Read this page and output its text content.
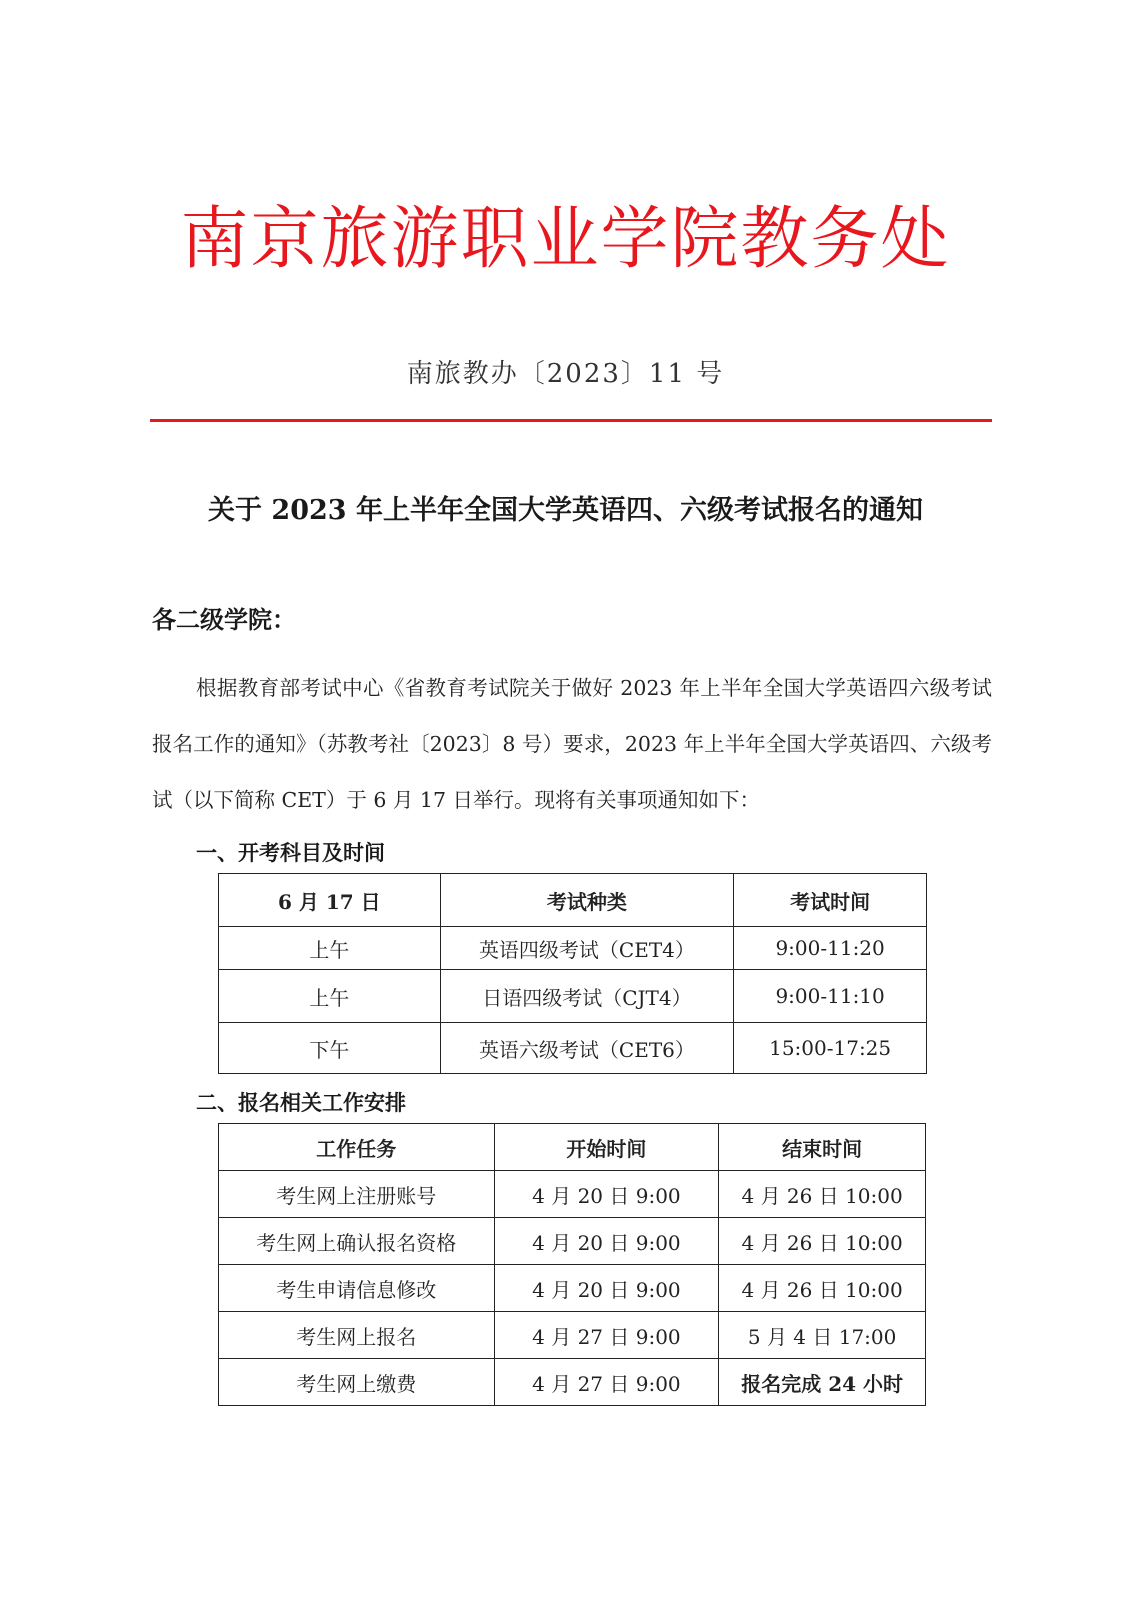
南京旅游职业学院教务处
南旅教办〔2023〕11 号
关于 2023 年上半年全国大学英语四、六级考试报名的通知
各二级学院：
根据教育部考试中心《省教育考试院关于做好 2023 年上半年全国大学英语四六级考试报名工作的通知》（苏教考社〔2023〕8 号）要求，2023 年上半年全国大学英语四、六级考试（以下简称 CET）于 6 月 17 日举行。现将有关事项通知如下：
一、开考科目及时间
6 月 17 日	考试种类	考试时间
上午	英语四级考试（CET4）	9:00-11:20
上午	日语四级考试（CJT4）	9:00-11:10
下午	英语六级考试（CET6）	15:00-17:25
二、报名相关工作安排
工作任务	开始时间	结束时间
考生网上注册账号	4 月 20 日 9:00	4 月 26 日 10:00
考生网上确认报名资格	4 月 20 日 9:00	4 月 26 日 10:00
考生申请信息修改	4 月 20 日 9:00	4 月 26 日 10:00
考生网上报名	4 月 27 日 9:00	5 月 4 日 17:00
考生网上缴费	4 月 27 日 9:00	报名完成 24 小时
